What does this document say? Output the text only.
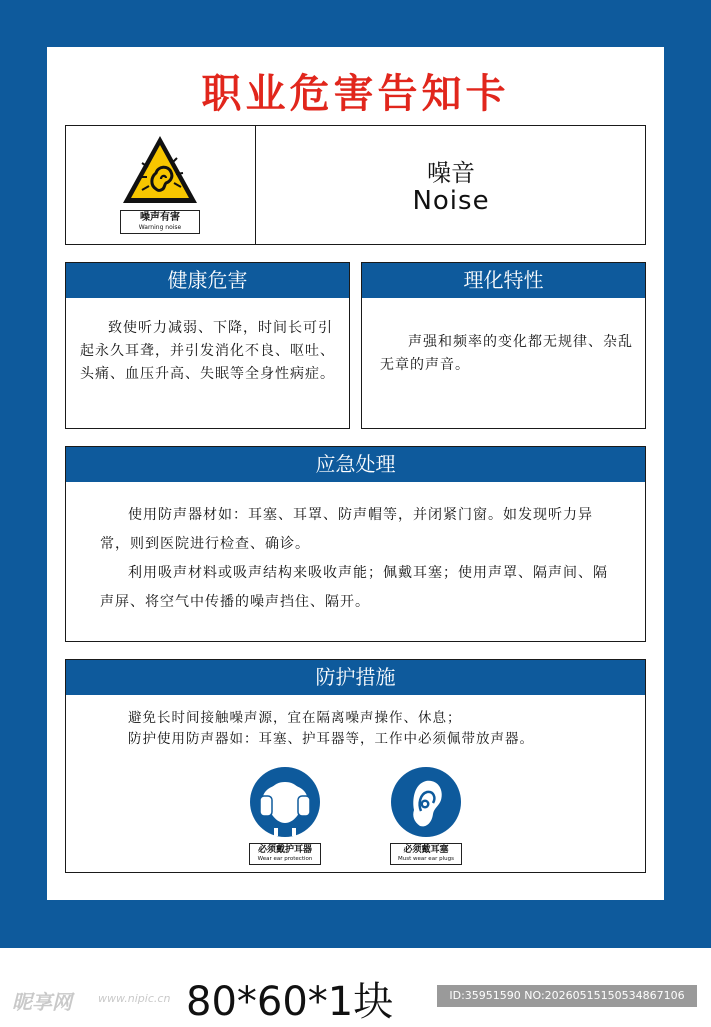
职业危害告知卡
噪声有害
Warning noise
噪音
Noise
健康危害

致使听力减弱、下降，时间长可引起永久耳聋，并引发消化不良、呕吐、头痛、血压升高、失眠等全身性病症。

理化特性

声强和频率的变化都无规律、杂乱无章的声音。

应急处理

使用防声器材如：耳塞、耳罩、防声帽等，并闭紧门窗。如发现听力异常，则到医院进行检查、确诊。

利用吸声材料或吸声结构来吸收声能；佩戴耳塞；使用声罩、隔声间、隔声屏、将空气中传播的噪声挡住、隔开。

防护措施
避免长时间接触噪声源，宜在隔离噪声操作、休息；
防护使用防声器如：耳塞、护耳器等，工作中必须佩带放声器。
必须戴护耳器
Wear ear protection
必须戴耳塞
Must wear ear plugs
昵享网 www.nipic.cn 80*60*1块	ID:35951590 NO:20260515150534867106
